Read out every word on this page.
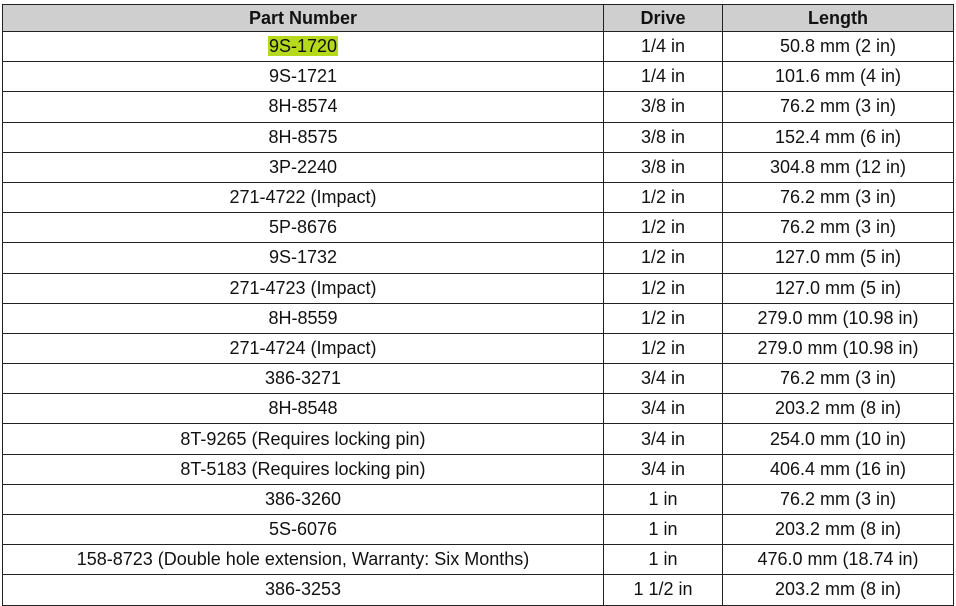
Part Number	Drive	Length
9S-1720	1/4 in	50.8 mm (2 in)
9S-1721	1/4 in	101.6 mm (4 in)
8H-8574	3/8 in	76.2 mm (3 in)
8H-8575	3/8 in	152.4 mm (6 in)
3P-2240	3/8 in	304.8 mm (12 in)
271-4722 (Impact)	1/2 in	76.2 mm (3 in)
5P-8676	1/2 in	76.2 mm (3 in)
9S-1732	1/2 in	127.0 mm (5 in)
271-4723 (Impact)	1/2 in	127.0 mm (5 in)
8H-8559	1/2 in	279.0 mm (10.98 in)
271-4724 (Impact)	1/2 in	279.0 mm (10.98 in)
386-3271	3/4 in	76.2 mm (3 in)
8H-8548	3/4 in	203.2 mm (8 in)
8T-9265 (Requires locking pin)	3/4 in	254.0 mm (10 in)
8T-5183 (Requires locking pin)	3/4 in	406.4 mm (16 in)
386-3260	1 in	76.2 mm (3 in)
5S-6076	1 in	203.2 mm (8 in)
158-8723 (Double hole extension, Warranty: Six Months)	1 in	476.0 mm (18.74 in)
386-3253	1 1/2 in	203.2 mm (8 in)
